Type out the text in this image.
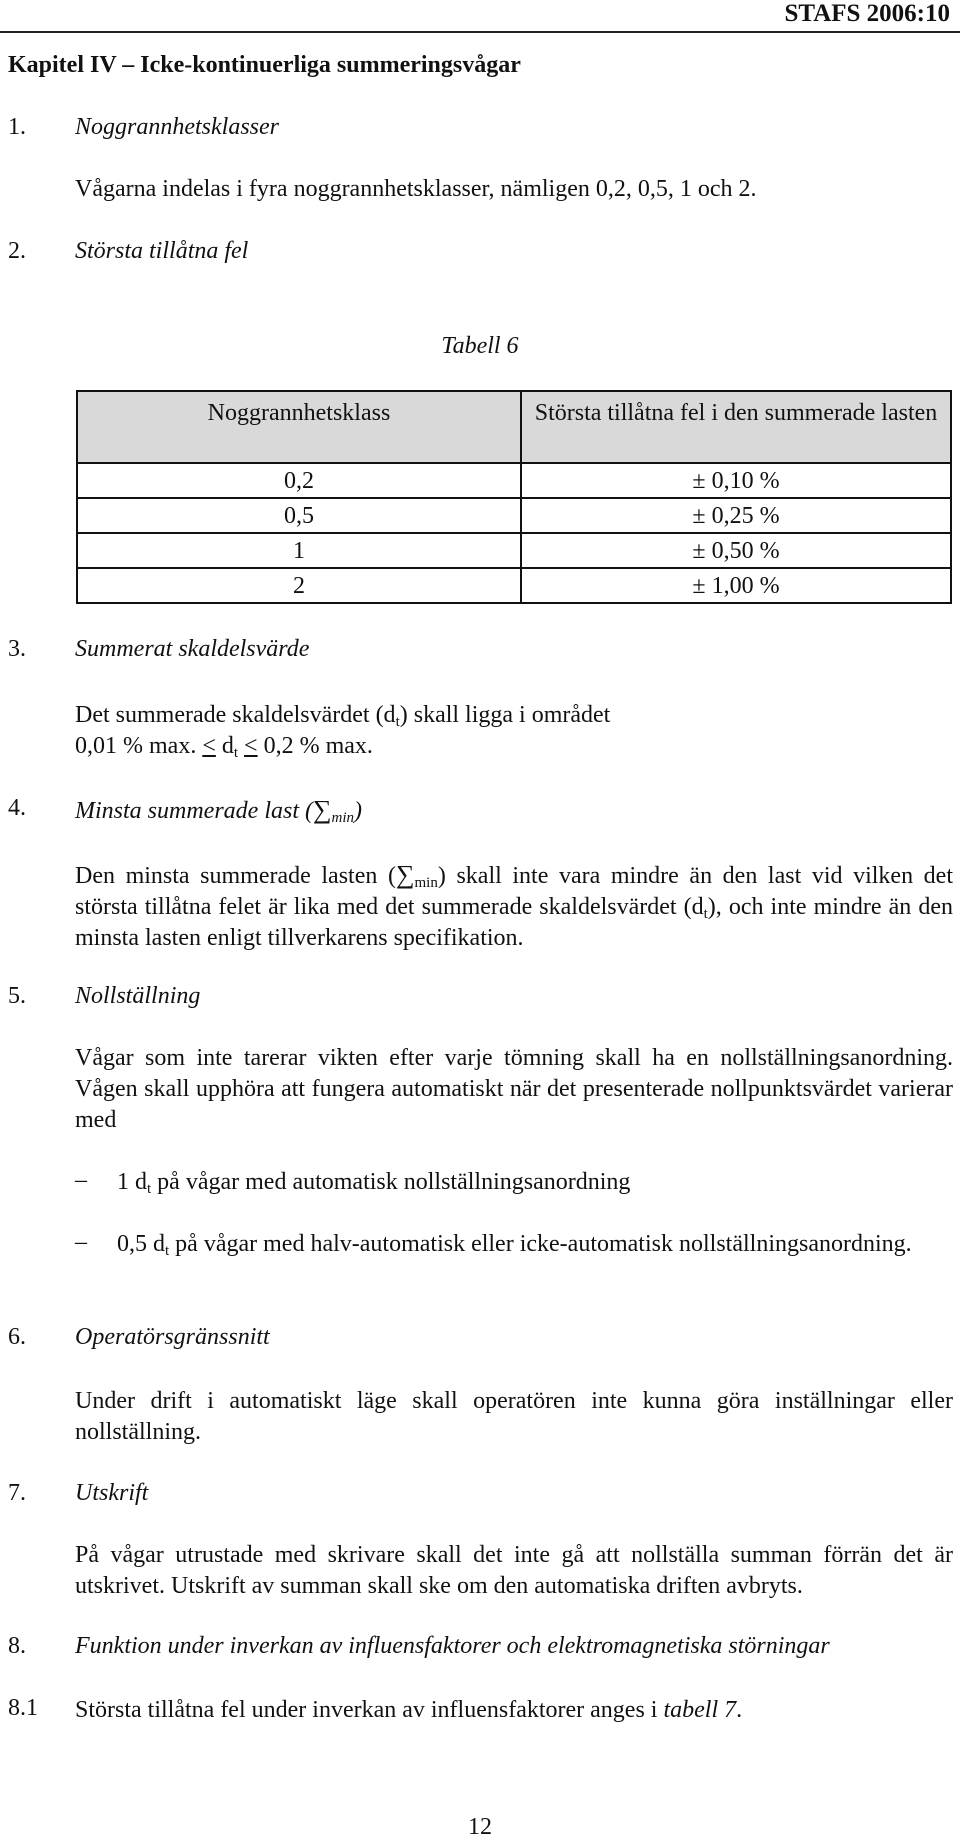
STAFS 2006:10
Kapitel IV – Icke-kontinuerliga summeringsvågar
1. Noggrannhetsklasser
Vågarna indelas i fyra noggrannhetsklasser, nämligen 0,2, 0,5, 1 och 2.
2. Största tillåtna fel
Tabell 6
Noggrannhetsklass	Största tillåtna fel i den summerade lasten
0,2	± 0,10 %
0,5	± 0,25 %
1	± 0,50 %
2	± 1,00 %
3. Summerat skaldelsvärde
Det summerade skaldelsvärdet $(d_t)$ skall ligga i området
0,01 % max. < $d_t < 0,2$ % max.
4. Minsta summerade last $(\sum_{min})$
Den minsta summerade lasten $(\sum_{min})$ skall inte vara mindre än den last vid vilken det största tillåtna felet är lika med det summerade skaldelsvärdet $(d_t)$, och inte mindre än den minsta lasten enligt tillverkarens specifikation.
5. Nollställning
Vågar som inte tarerar vikten efter varje tömning skall ha en nollställningsanordning. Vågen skall upphöra att fungera automatiskt när det presenterade nollpunktsvärdet varierar med
– 1 $d_t$ på vågar med automatisk nollställningsanordning
– 0,5 $d_t$ på vågar med halv-automatisk eller icke-automatisk nollställningsanordning.
6. Operatörsgränssnitt
Under drift i automatiskt läge skall operatören inte kunna göra inställningar eller nollställning.
7. Utskrift
På vågar utrustade med skrivare skall det inte gå att nollställa summan förrän det är utskrivet. Utskrift av summan skall ske om den automatiska driften avbryts.
8. Funktion under inverkan av influensfaktorer och elektromagnetiska störningar
8.1 Största tillåtna fel under inverkan av influensfaktorer anges i tabell 7.
12
